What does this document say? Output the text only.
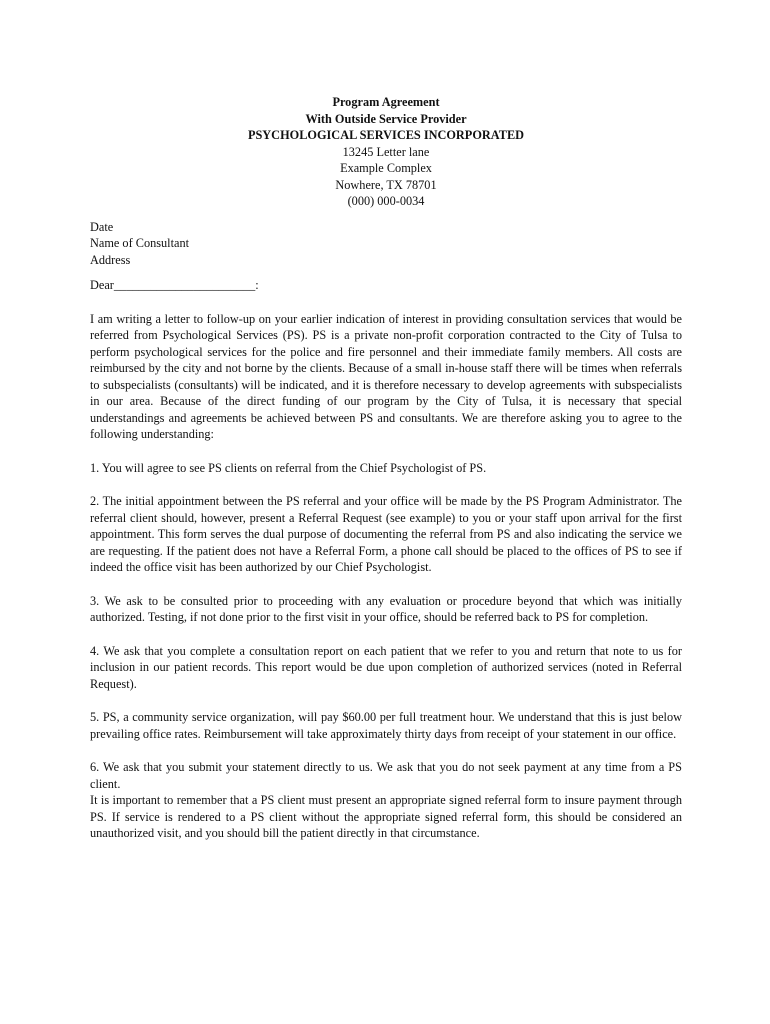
Program Agreement
With Outside Service Provider
PSYCHOLOGICAL SERVICES INCORPORATED
13245 Letter lane
Example Complex
Nowhere, TX 78701
(000) 000-0034
Date
Name of Consultant
Address
Dear_______________________:

I am writing a letter to follow-up on your earlier indication of interest in providing consultation services that would be referred from Psychological Services (PS). PS is a private non-profit corporation contracted to the City of Tulsa to perform psychological services for the police and fire personnel and their immediate family members. All costs are reimbursed by the city and not borne by the clients. Because of a small in-house staff there will be times when referrals to subspecialists (consultants) will be indicated, and it is therefore necessary to develop agreements with subspecialists in our area. Because of the direct funding of our program by the City of Tulsa, it is necessary that special understandings and agreements be achieved between PS and consultants. We are therefore asking you to agree to the following understanding:

1. You will agree to see PS clients on referral from the Chief Psychologist of PS.

2. The initial appointment between the PS referral and your office will be made by the PS Program Administrator. The referral client should, however, present a Referral Request (see example) to you or your staff upon arrival for the first appointment. This form serves the dual purpose of documenting the referral from PS and also indicating the service we are requesting. If the patient does not have a Referral Form, a phone call should be placed to the offices of PS to see if indeed the office visit has been authorized by our Chief Psychologist.

3. We ask to be consulted prior to proceeding with any evaluation or procedure beyond that which was initially authorized. Testing, if not done prior to the first visit in your office, should be referred back to PS for completion.

4. We ask that you complete a consultation report on each patient that we refer to you and return that note to us for inclusion in our patient records. This report would be due upon completion of authorized services (noted in Referral Request).

5. PS, a community service organization, will pay $60.00 per full treatment hour. We understand that this is just below prevailing office rates. Reimbursement will take approximately thirty days from receipt of your statement in our office.

6. We ask that you submit your statement directly to us. We ask that you do not seek payment at any time from a PS client.

It is important to remember that a PS client must present an appropriate signed referral form to insure payment through PS. If service is rendered to a PS client without the appropriate signed referral form, this should be considered an unauthorized visit, and you should bill the patient directly in that circumstance.
